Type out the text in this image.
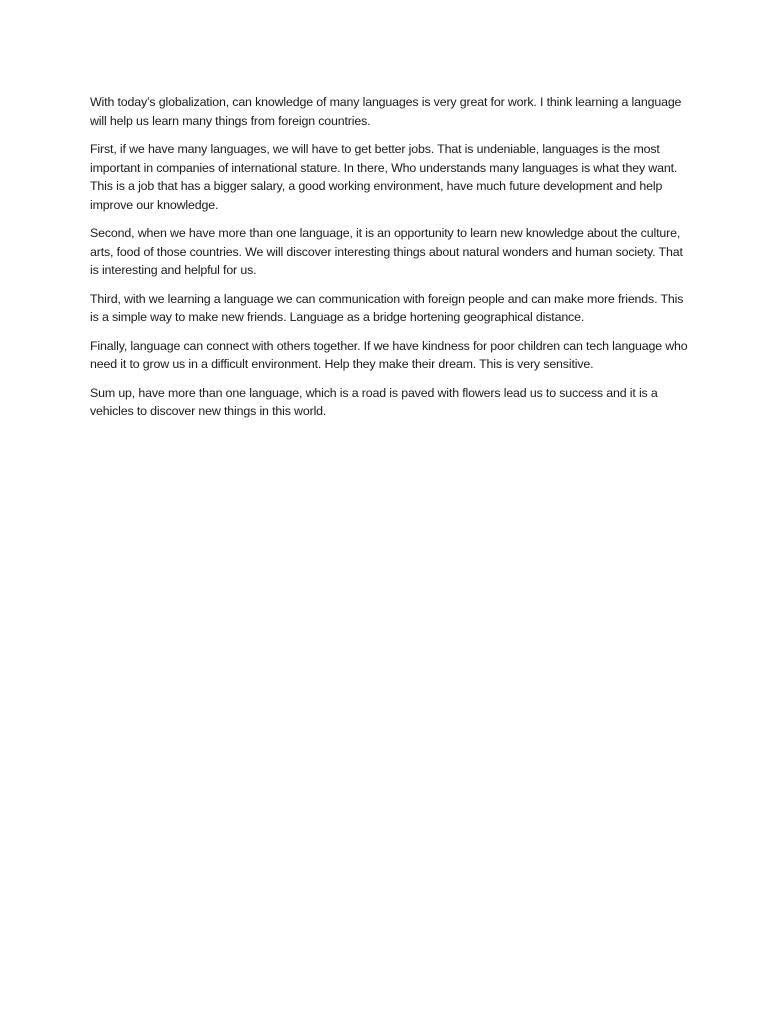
With today’s globalization, can knowledge of many languages is very great for work. I think learning a language will help us learn many things from foreign countries.

First, if we have many languages, we will have to get better jobs. That is undeniable, languages is the most important in companies of international stature. In there, Who understands many languages is what they want. This is a job that has a bigger salary, a good working environment, have much future development and help improve our knowledge.

Second, when we have more than one language, it is an opportunity to learn new knowledge about the culture, arts, food of those countries. We will discover interesting things about natural wonders and human society. That is interesting and helpful for us.

Third, with we learning a language we can communication with foreign people and can make more friends. This is a simple way to make new friends. Language as a bridge hortening geographical distance.

Finally, language can connect with others together. If we have kindness for poor children can tech language who need it to grow us in a difficult environment. Help they make their dream. This is very sensitive.

Sum up, have more than one language, which is a road is paved with flowers lead us to success and it is a vehicles to discover new things in this world.
